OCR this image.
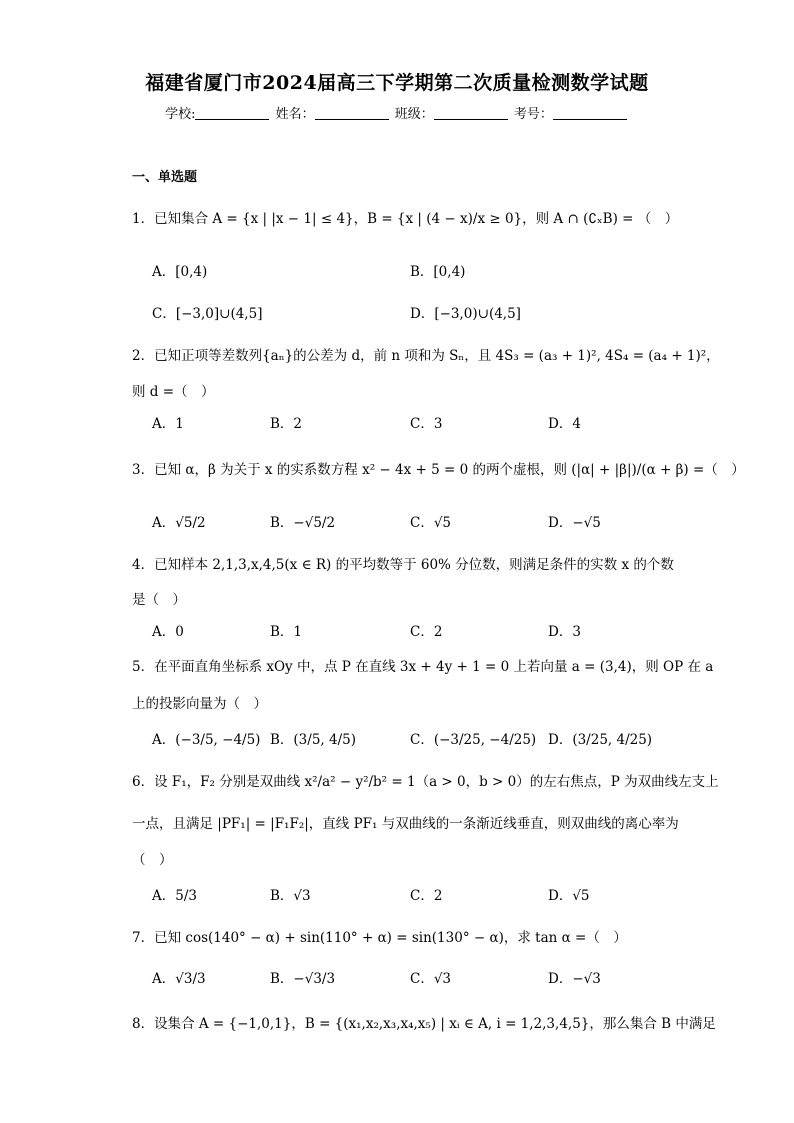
福建省厦门市2024届高三下学期第二次质量检测数学试题
学校:	姓名：	班级：	考号：
一、单选题
1．已知集合 A = {x | |x − 1| ≤ 4}，B = {x | (4 − x)/x ≥ 0}，则 A ∩ (∁ₓB) = （　）
A．[0,4)	B．[0,4)
C．[−3,0]∪(4,5]	D．[−3,0)∪(4,5]
2．已知正项等差数列{aₙ}的公差为 d，前 n 项和为 Sₙ，且 4S₃ = (a₃ + 1)², 4S₄ = (a₄ + 1)²，
则 d =（　）
A．1	B．2	C．3	D．4
3．已知 α，β 为关于 x 的实系数方程 x² − 4x + 5 = 0 的两个虚根，则 (|α| + |β|)/(α + β) =（　）
A．√5/2	B．−√5/2	C．√5	D．−√5
4．已知样本 2,1,3,x,4,5(x ∈ R) 的平均数等于 60% 分位数，则满足条件的实数 x 的个数
是（　）
A．0	B．1	C．2	D．3
5．在平面直角坐标系 xOy 中，点 P 在直线 3x + 4y + 1 = 0 上若向量 a = (3,4)，则 OP 在 a
上的投影向量为（　）
A．(−3/5, −4/5) B．(3/5, 4/5)	C．(−3/25, −4/25) D．(3/25, 4/25)
6．设 F₁，F₂ 分别是双曲线 x²/a² − y²/b² = 1（a > 0，b > 0）的左右焦点，P 为双曲线左支上
一点，且满足 |PF₁| = |F₁F₂|，直线 PF₁ 与双曲线的一条渐近线垂直，则双曲线的离心率为
（　）
A．5/3	B．√3	C．2	D．√5
7．已知 cos(140° − α) + sin(110° + α) = sin(130° − α)，求 tan α =（　）
A．√3/3	B．−√3/3	C．√3	D．−√3
8．设集合 A = {−1,0,1}，B = {(x₁,x₂,x₃,x₄,x₅) | xᵢ ∈ A, i = 1,2,3,4,5}，那么集合 B 中满足
